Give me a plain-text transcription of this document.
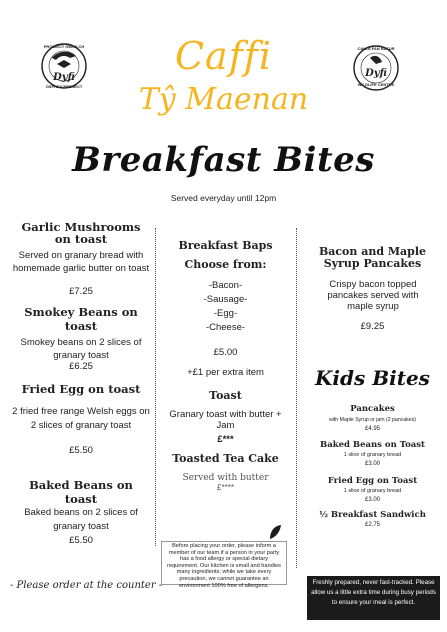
Dyfi
PROSIECT GWEILCH
OSPREY PROJECT
Dyfi
CANOLFAN NATUR
WILDLIFE CENTRE
Caffi
Tŷ Maenan
Breakfast Bites
Served everyday until 12pm
Garlic Mushrooms on toast
Served on granary bread with homemade garlic butter on toast
£7.25
Smokey Beans on toast
Smokey beans on 2 slices of granary toast
£6.25
Fried Egg on toast
2 fried free range Welsh eggs on 2 slices of granary toast
£5.50
Baked Beans on toast
Baked beans on 2 slices of granary toast
£5.50
Breakfast Baps
Choose from:
-Bacon-
-Sausage-
-Egg-
-Cheese-
£5.00
+£1 per extra item
Toast
Granary toast with butter + Jam
£***
Toasted Tea Cake
Served with butter
£****
Before placing your order, please inform a member of our team if a person in your party has a food allergy or special dietary requirement. Our kitchen is small and handles many ingredients; while we take every precaution, we cannot guarantee an environment 100% free of allergens.
Bacon and Maple Syrup Pancakes
Crispy bacon topped pancakes served with maple syrup
£9.25
Kids Bites
Pancakes
with Maple Syrup or jam (2 pancakes)
£4.95
Baked Beans on Toast
1 slice of granary bread
£3.00
Fried Egg on Toast
1 slice of granary bread
£3.00
½ Breakfast Sandwich
£2.75
- Please order at the counter -	Freshly prepared, never fast-tracked. Please allow us a little extra time during busy periods to ensure your meal is perfect.
